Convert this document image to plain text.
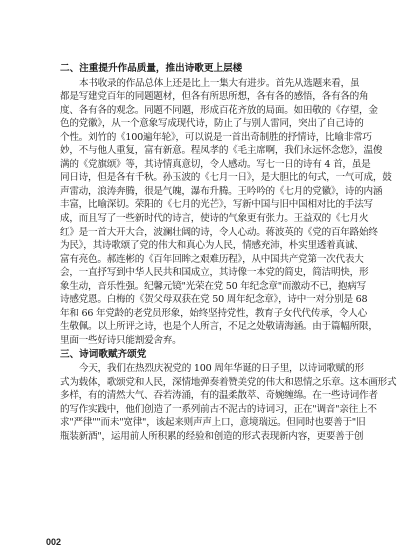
二、注重提升作品质量，推出诗歌更上层楼
本书收录的作品总体上还是比上一集大有进步。首先从选题来看，虽
都是写建党百年的同题题材，但各有所思所想，各有各的感悟，各有各的角
度、各有各的观念。同题不同题，形成百花齐放的局面。如田敬的《存望，金
色的党徽》，从一个意象写成现代诗，防止了与别人雷同，突出了自己诗的
个性。刘竹的《100遍年轮》，可以说是一首出奇制胜的抒情诗，比喻非常巧
妙，不与他人重复，富有新意。程凤孝的《毛主席啊，我们永远怀念您》，温俊
满的《党旗颂》等，其诗情真意切，令人感动。写七一日的诗有 4 首，虽是
同日诗，但是各有千秋。孙玉波的《七月一日》，是大胆比的句式，一气可成，鼓
声雷动，浪涛奔腾，很是气魄，瀑布升腾。王吟吟的《七月的党徽》，诗的内涵
丰富，比喻深切。荣阳的《七月的光芒》，写新中国与旧中国相对比的手法写
成，而且写了一些新时代的诗言，使诗的气象更有张力。王益双的《七月火
红》是一首大开大合，波澜壮阔的诗，令人心动。蒋波英的《党的百年路始终
为民》，其诗歌颂了党的伟大和真心为人民，情感充沛，朴实里透着真诚、
富有亮色。郝连彬的《百年回眸之艰难历程》，从中国共产党第一次代表大
会，一直抒写到中华人民共和国成立，其诗像一本党的简史，简洁明快，形
象生动，音乐性强。纪馨元镜"光荣在党 50 年纪念章"而激动不已，抱病写
诗感党恩。白梅的《贺父母双获在党 50 周年纪念章》，诗中一对分别是 68
年和 66 年党龄的老党员形象，始终坚持党性，教育子女代代传承，令人心
生敬佩。以上所评之诗，也是个人所言，不足之处敬请海涵。由于篇幅所限，
里面一些好诗只能割爱舍弃。
三、诗词歌赋齐颂党
今天，我们在热烈庆祝党的 100 周年华诞的日子里，以诗词歌赋的形
式为载体，歌颂党和人民，深情地弹奏着赞美党的伟大和恩情之乐章。这本画形式
多样，有的清然大气、吞若涛涌，有的温柔散萃、奇婉缠绵。在一些诗词作者
的写作实践中，他们创造了一系列前古不泥古的诗词习，正在"调音"亲往上不
求"严律""而未"宽律"，该起来则声声上口，意境瑞远。但同时也要善于"旧
瓶装新酒"，运用前人所积累的经验和创造的形式表现新内容，更要善于创
002
